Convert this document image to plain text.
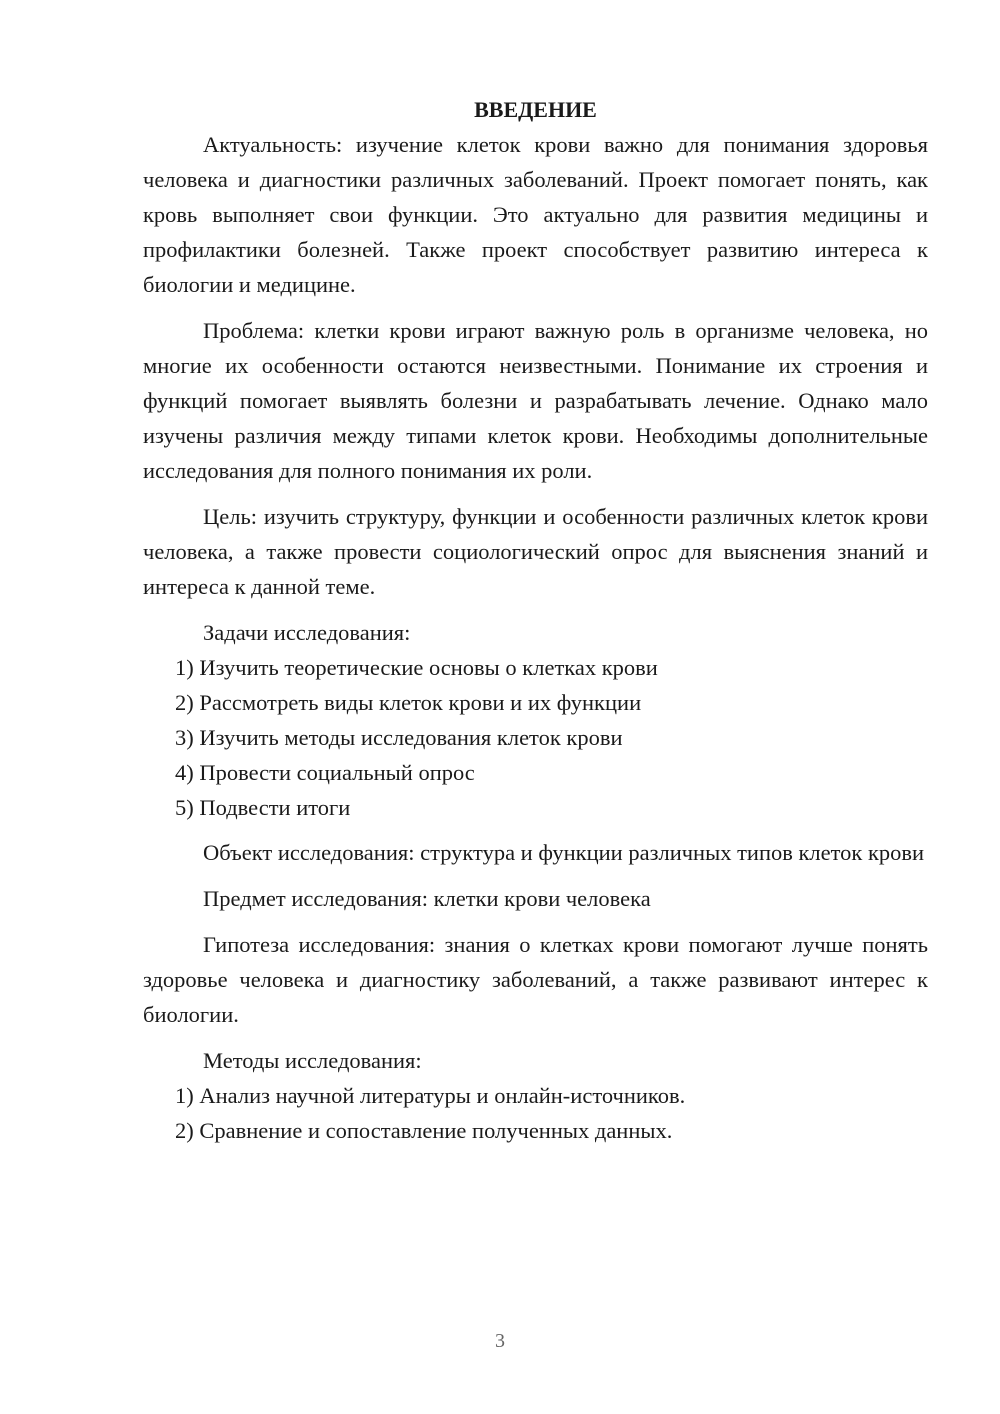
ВВЕДЕНИЕ

Актуальность: изучение клеток крови важно для понимания здоровья человека и диагностики различных заболеваний. Проект помогает понять, как кровь выполняет свои функции. Это актуально для развития медицины и профилактики болезней. Также проект способствует развитию интереса к биологии и медицине.

Проблема: клетки крови играют важную роль в организме человека, но многие их особенности остаются неизвестными. Понимание их строения и функций помогает выявлять болезни и разрабатывать лечение. Однако мало изучены различия между типами клеток крови. Необходимы дополнительные исследования для полного понимания их роли.

Цель: изучить структуру, функции и особенности различных клеток крови человека, а также провести социологический опрос для выяснения знаний и интереса к данной теме.

Задачи исследования:

1) Изучить теоретические основы о клетках крови
2) Рассмотреть виды клеток крови и их функции
3) Изучить методы исследования клеток крови
4) Провести социальный опрос
5) Подвести итоги

Объект исследования: структура и функции различных типов клеток крови

Предмет исследования: клетки крови человека

Гипотеза исследования: знания о клетках крови помогают лучше понять здоровье человека и диагностику заболеваний, а также развивают интерес к биологии.

Методы исследования:

1) Анализ научной литературы и онлайн-источников.
2) Сравнение и сопоставление полученных данных.
3
